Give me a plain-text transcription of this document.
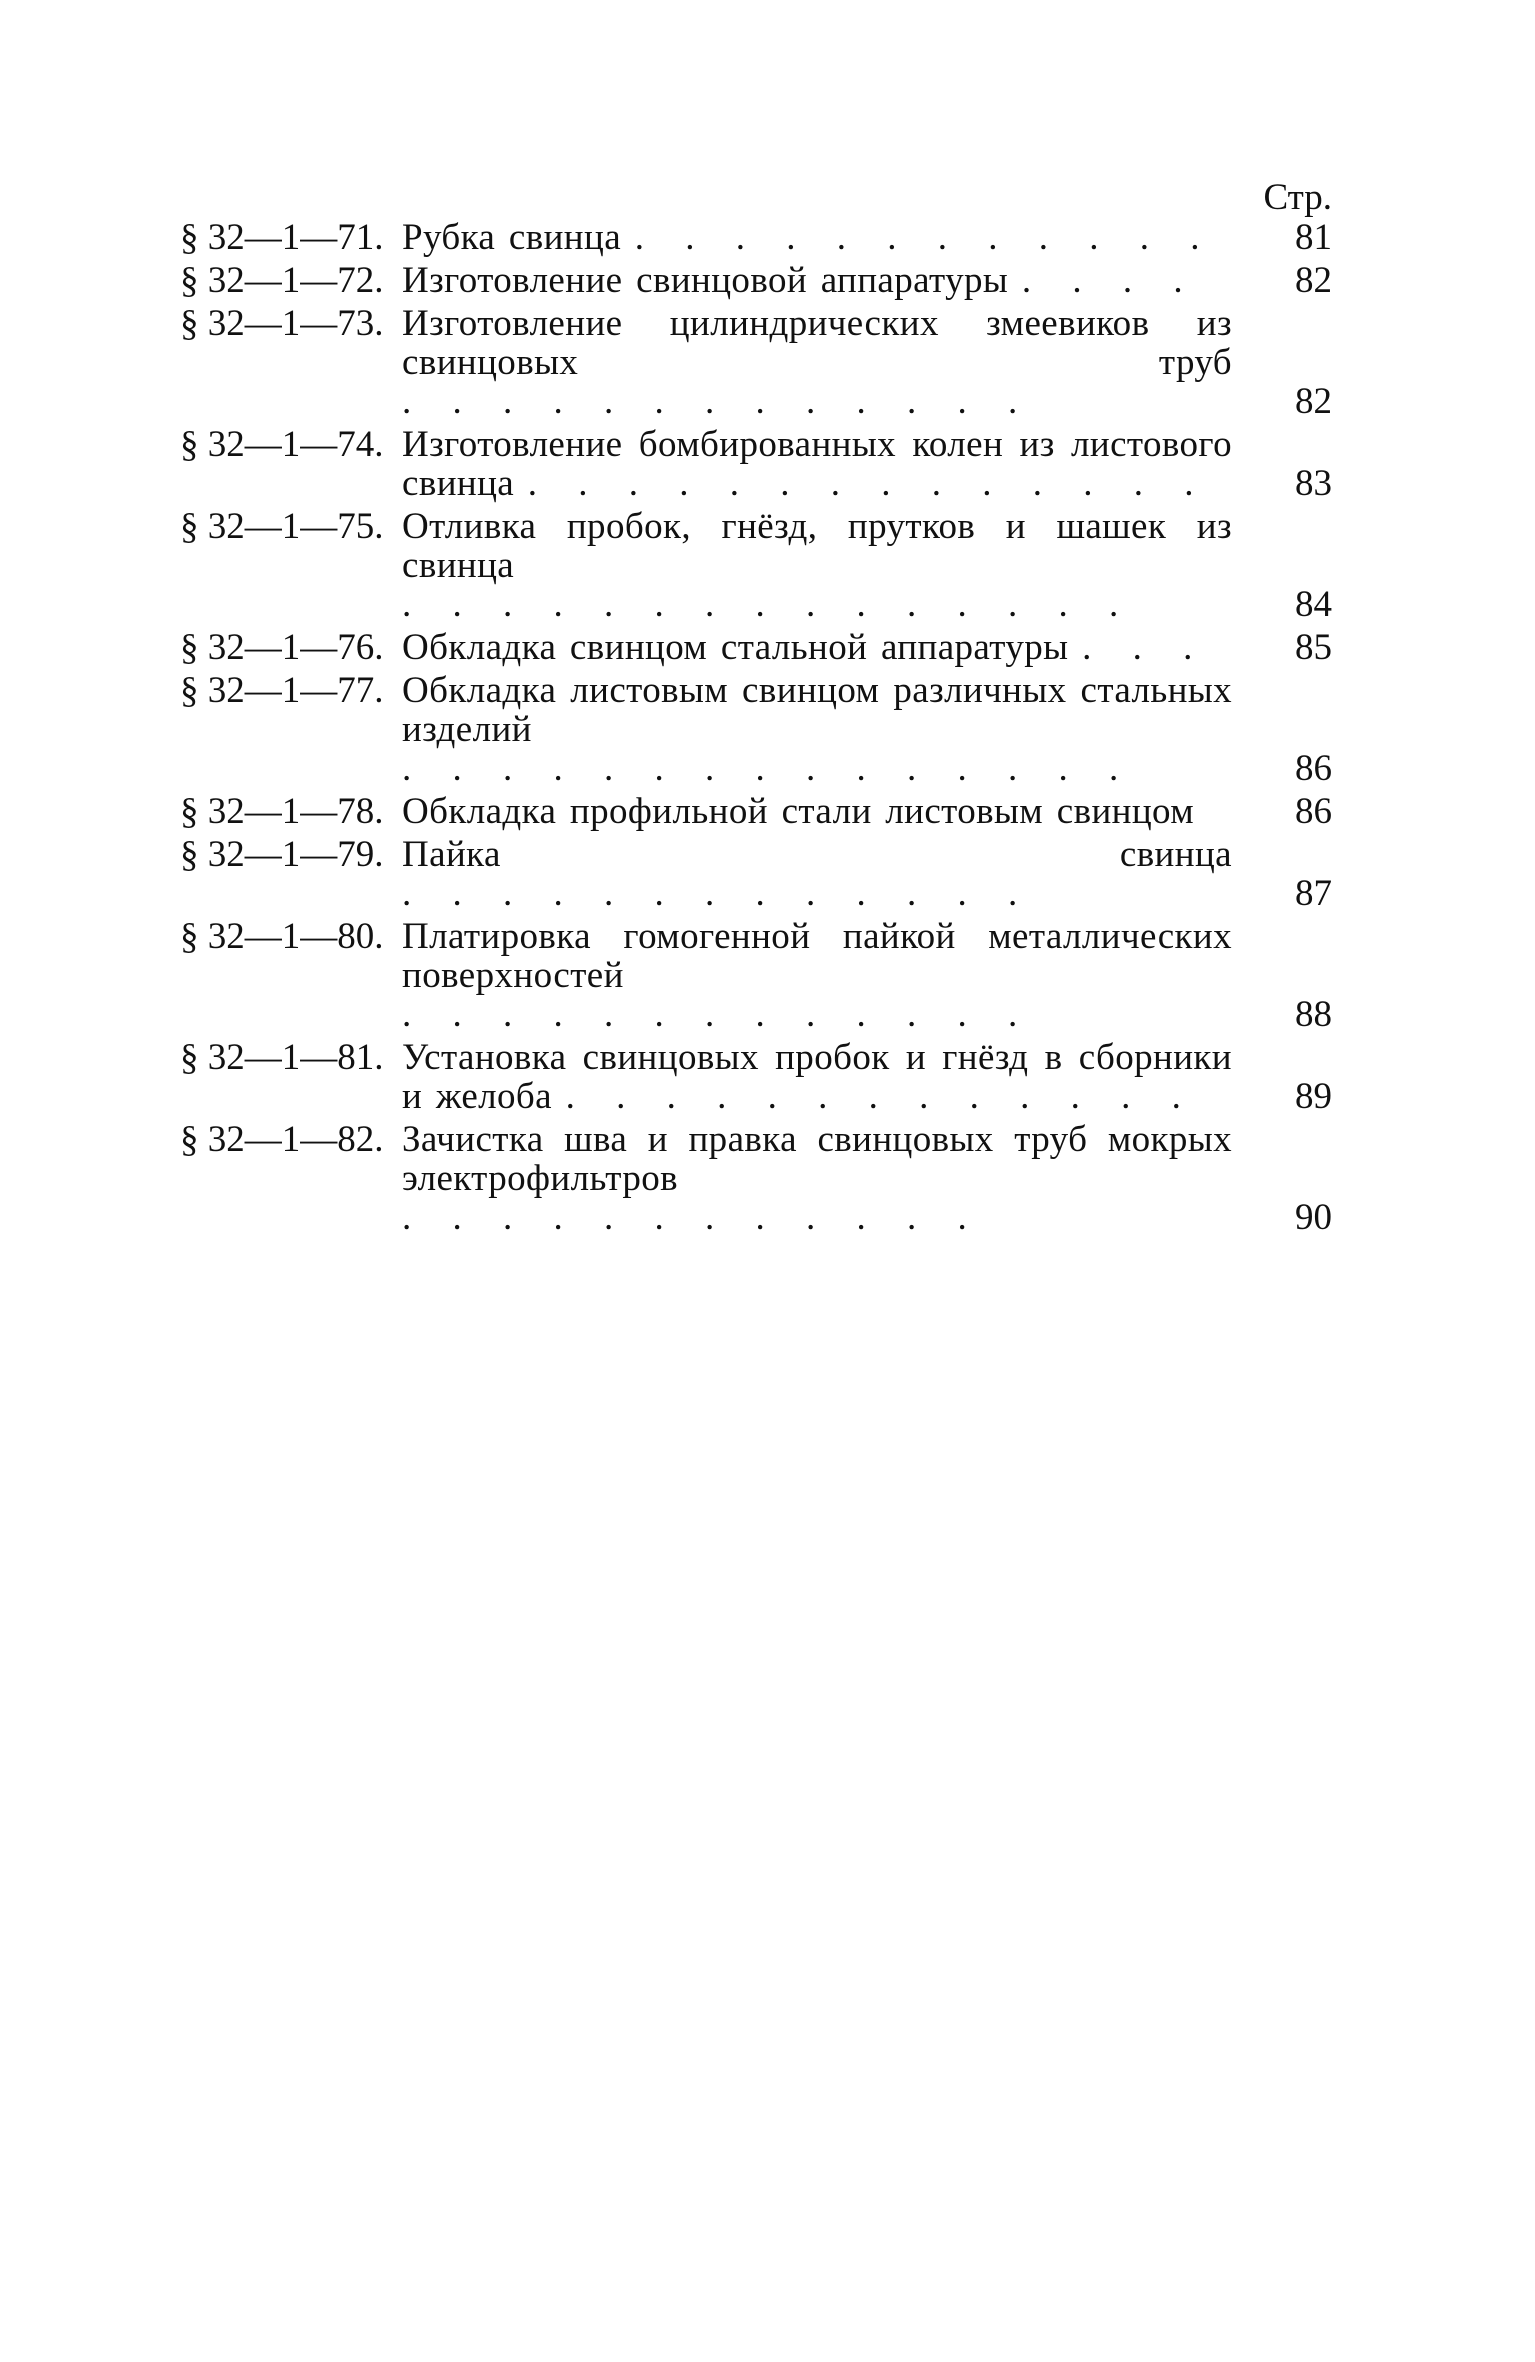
Стр.
§ 32—1—71. Рубка свинца . . . . . . . . . . . .	81
§ 32—1—72. Изготовление свинцовой аппаратуры . . . .	82
§ 32—1—73. Изготовление цилиндрических змеевиков из свинцовых труб . . . . . . . . . . . . .	82
§ 32—1—74. Изготовление бомбированных колен из листового свинца . . . . . . . . . . . . . .	83
§ 32—1—75. Отливка пробок, гнёзд, прутков и шашек из свинца . . . . . . . . . . . . . . .	84
§ 32—1—76. Обкладка свинцом стальной аппаратуры . . .	85
§ 32—1—77. Обкладка листовым свинцом различных стальных изделий . . . . . . . . . . . . . . .	86
§ 32—1—78. Обкладка профильной стали листовым свинцом	86
§ 32—1—79. Пайка свинца . . . . . . . . . . . . .	87
§ 32—1—80. Платировка гомогенной пайкой металлических поверхностей . . . . . . . . . . . . .	88
§ 32—1—81. Установка свинцовых пробок и гнёзд в сборники и желоба . . . . . . . . . . . . .	89
§ 32—1—82. Зачистка шва и правка свинцовых труб мокрых электрофильтров . . . . . . . . . . . .	90
